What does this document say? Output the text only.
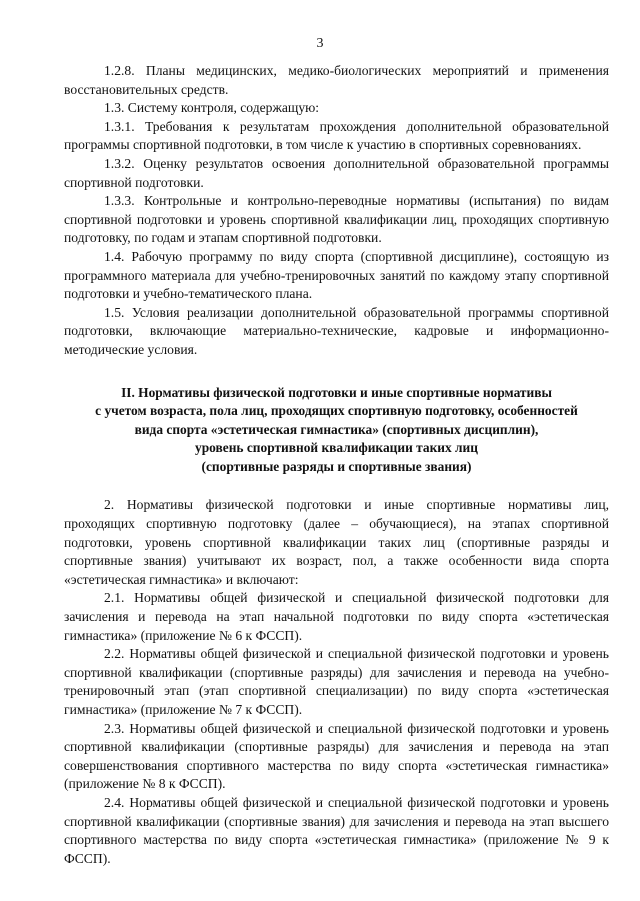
3

1.2.8. Планы медицинских, медико-биологических мероприятий и применения восстановительных средств.

1.3. Систему контроля, содержащую:

1.3.1. Требования к результатам прохождения дополнительной образовательной программы спортивной подготовки, в том числе к участию в спортивных соревнованиях.

1.3.2. Оценку результатов освоения дополнительной образовательной программы спортивной подготовки.

1.3.3. Контрольные и контрольно-переводные нормативы (испытания) по видам спортивной подготовки и уровень спортивной квалификации лиц, проходящих спортивную подготовку, по годам и этапам спортивной подготовки.

1.4. Рабочую программу по виду спорта (спортивной дисциплине), состоящую из программного материала для учебно-тренировочных занятий по каждому этапу спортивной подготовки и учебно-тематического плана.

1.5. Условия реализации дополнительной образовательной программы спортивной подготовки, включающие материально-технические, кадровые и информационно-методические условия.

II. Нормативы физической подготовки и иные спортивные нормативы
с учетом возраста, пола лиц, проходящих спортивную подготовку, особенностей
вида спорта «эстетическая гимнастика» (спортивных дисциплин),
уровень спортивной квалификации таких лиц
(спортивные разряды и спортивные звания)

2. Нормативы физической подготовки и иные спортивные нормативы лиц, проходящих спортивную подготовку (далее – обучающиеся), на этапах спортивной подготовки, уровень спортивной квалификации таких лиц (спортивные разряды и спортивные звания) учитывают их возраст, пол, а также особенности вида спорта «эстетическая гимнастика» и включают:

2.1. Нормативы общей физической и специальной физической подготовки для зачисления и перевода на этап начальной подготовки по виду спорта «эстетическая гимнастика» (приложение № 6 к ФССП).

2.2. Нормативы общей физической и специальной физической подготовки и уровень спортивной квалификации (спортивные разряды) для зачисления и перевода на учебно-тренировочный этап (этап спортивной специализации) по виду спорта «эстетическая гимнастика» (приложение № 7 к ФССП).

2.3. Нормативы общей физической и специальной физической подготовки и уровень спортивной квалификации (спортивные разряды) для зачисления и перевода на этап совершенствования спортивного мастерства по виду спорта «эстетическая гимнастика» (приложение № 8 к ФССП).

2.4. Нормативы общей физической и специальной физической подготовки и уровень спортивной квалификации (спортивные звания) для зачисления и перевода на этап высшего спортивного мастерства по виду спорта «эстетическая гимнастика» (приложение № 9 к ФССП).
